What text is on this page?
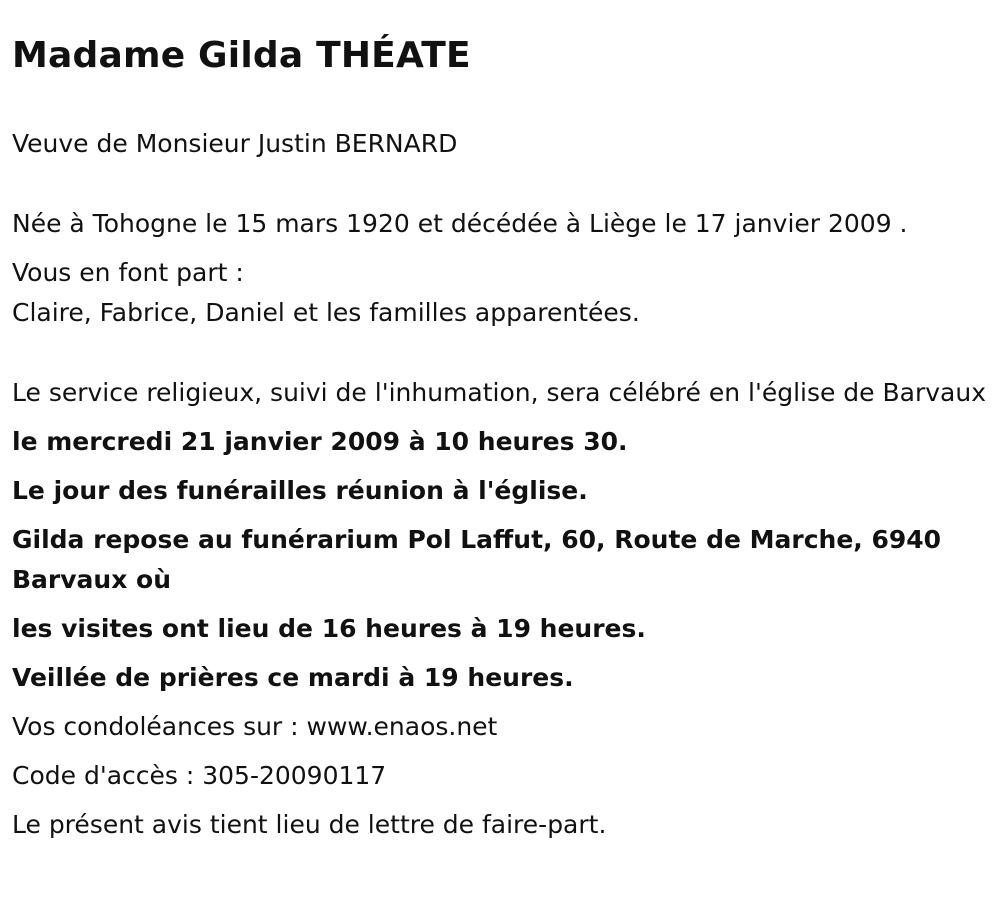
Madame Gilda THÉATE

Veuve de Monsieur Justin BERNARD

Née à Tohogne le 15 mars 1920 et décédée à Liège le 17 janvier 2009 .

Vous en font part :

Claire, Fabrice, Daniel et les familles apparentées.

Le service religieux, suivi de l'inhumation, sera célébré en l'église de Barvaux

le mercredi 21 janvier 2009 à 10 heures 30.

Le jour des funérailles réunion à l'église.

Gilda repose au funérarium Pol Laffut, 60, Route de Marche, 6940 Barvaux où

les visites ont lieu de 16 heures à 19 heures.

Veillée de prières ce mardi à 19 heures.

Vos condoléances sur : www.enaos.net

Code d'accès : 305-20090117

Le présent avis tient lieu de lettre de faire-part.
